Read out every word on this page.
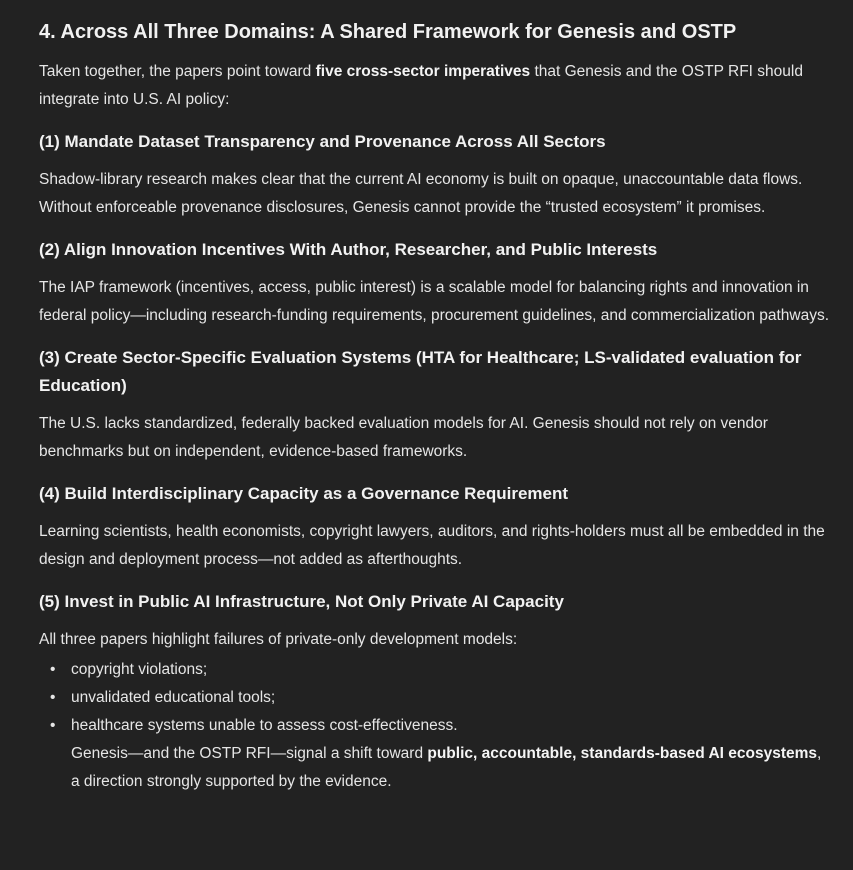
4. Across All Three Domains: A Shared Framework for Genesis and OSTP

Taken together, the papers point toward five cross-sector imperatives that Genesis and the OSTP RFI should integrate into U.S. AI policy:

(1) Mandate Dataset Transparency and Provenance Across All Sectors

Shadow-library research makes clear that the current AI economy is built on opaque, unaccountable data flows. Without enforceable provenance disclosures, Genesis cannot provide the “trusted ecosystem” it promises.

(2) Align Innovation Incentives With Author, Researcher, and Public Interests

The IAP framework (incentives, access, public interest) is a scalable model for balancing rights and innovation in federal policy—including research-funding requirements, procurement guidelines, and commercialization pathways.

(3) Create Sector-Specific Evaluation Systems (HTA for Healthcare; LS-validated evaluation for Education)

The U.S. lacks standardized, federally backed evaluation models for AI. Genesis should not rely on vendor benchmarks but on independent, evidence-based frameworks.

(4) Build Interdisciplinary Capacity as a Governance Requirement

Learning scientists, health economists, copyright lawyers, auditors, and rights-holders must all be embedded in the design and deployment process—not added as afterthoughts.

(5) Invest in Public AI Infrastructure, Not Only Private AI Capacity

All three papers highlight failures of private-only development models:

• copyright violations;
• unvalidated educational tools;
• healthcare systems unable to assess cost-effectiveness.

Genesis—and the OSTP RFI—signal a shift toward public, accountable, standards-based AI ecosystems, a direction strongly supported by the evidence.
